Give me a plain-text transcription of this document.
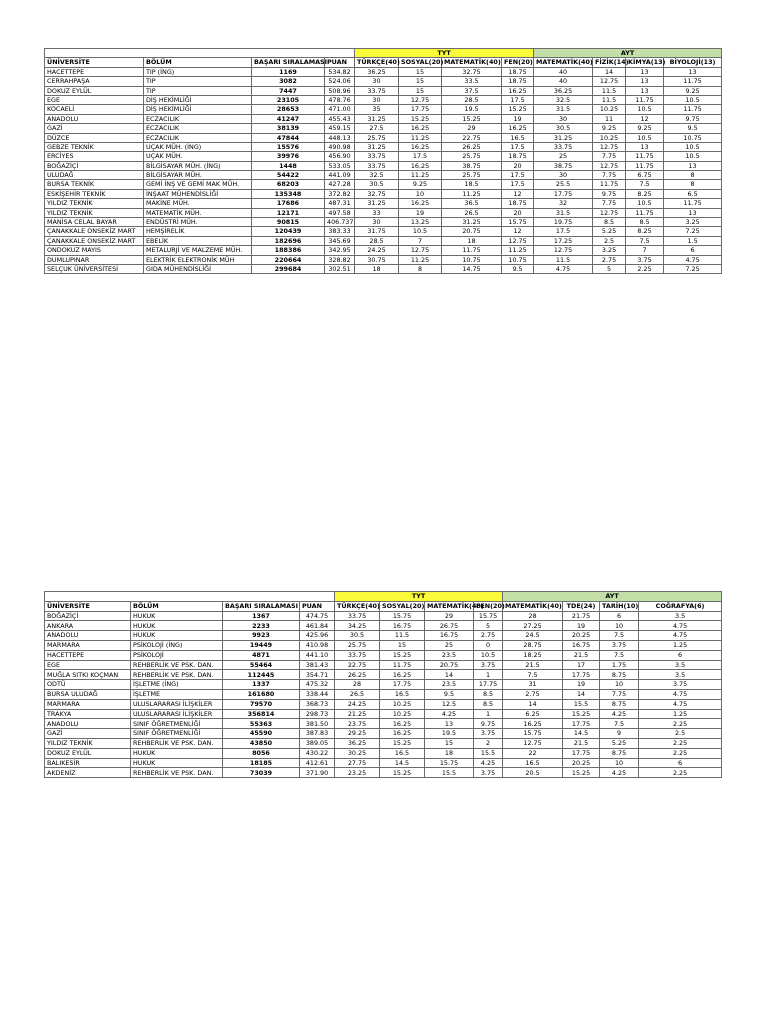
				TYT				AYT			
ÜNİVERSİTE	BÖLÜM	BAŞARI SIRALAMASI	PUAN	TÜRKÇE(40)	SOSYAL(20)	MATEMATİK(40)	FEN(20)	MATEMATİK(40)	FİZİK(14)	KİMYA(13)	BİYOLOJİ(13)
HACETTEPE	TIP (İNG)	1169	534.82	36.25	15	32.75	18.75	40	14	13	13
CERRAHPAŞA	TIP	3082	524.06	30	15	33.5	18.75	40	12.75	13	11.75
DOKUZ EYLÜL	TIP	7447	508.96	33.75	15	37.5	16.25	36.25	11.5	13	9.25
EGE	DİŞ HEKİMLİĞİ	23105	478.76	30	12.75	28.5	17.5	32.5	11.5	11.75	10.5
KOCAELİ	DİŞ HEKİMLİĞİ	28653	471.00	35	17.75	19.5	15.25	31.5	10.25	10.5	11.75
ANADOLU	ECZACILIK	41247	455.43	31.25	15.25	15.25	19	30	11	12	9.75
GAZİ	ECZACILIK	38139	459.15	27.5	16.25	29	16.25	30.5	9.25	9.25	9.5
DÜZCE	ECZACILIK	47844	448.13	25.75	11.25	22.75	16.5	31.25	10.25	10.5	10.75
GEBZE TEKNİK	UÇAK MÜH. (İNG)	15576	490.98	31.25	16.25	26.25	17.5	33.75	12.75	13	10.5
ERCİYES	UÇAK MÜH.	39976	456.90	33.75	17.5	25.75	18.75	25	7.75	11.75	10.5
BOĞAZİÇİ	BİLGİSAYAR MÜH. (İNG)	1448	533.05	33.75	16.25	38.75	20	38.75	12.75	11.75	13
ULUDAĞ	BİLGİSAYAR MÜH.	54422	441.09	32.5	11.25	25.75	17.5	30	7.75	6.75	8
BURSA TEKNİK	GEMİ İNŞ VE GEMİ MAK MÜH.	68203	427.28	30.5	9.25	18.5	17.5	25.5	11.75	7.5	8
ESKİŞEHİR TEKNİK	İNŞAAT MÜHENDİSLİĞİ	135348	372.82	32.75	10	11.25	12	17.75	9.75	8.25	6.5
YILDIZ TEKNİK	MAKİNE MÜH.	17686	487.31	31.25	16.25	36.5	18.75	32	7.75	10.5	11.75
YILDIZ TEKNİK	MATEMATİK MÜH.	12171	497.58	33	19	26.5	20	31.5	12.75	11.75	13
MANİSA CELAL BAYAR	ENDÜSTRİ MÜH.	90815	406.737	30	13.25	31.25	15.75	19.75	8.5	8.5	3.25
ÇANAKKALE ONSEKİZ MART	HEMŞİRELİK	120439	383.33	31.75	10.5	20.75	12	17.5	5.25	8.25	7.25
ÇANAKKALE ONSEKİZ MART	EBELİK	182696	345.69	28.5	7	18	12.75	17.25	2.5	7.5	1.5
ONDOKUZ MAYIS	METALURJİ VE MALZEME MÜH.	188386	342.95	24.25	12.75	11.75	11.25	12.75	3.25	7	6
DUMLUPINAR	ELEKTRİK ELEKTRONİK MÜH	220664	328.82	30.75	11.25	10.75	10.75	11.5	2.75	3.75	4.75
SELÇUK ÜNİVERSİTESİ	GIDA MÜHENDİSLİĞİ	299684	302.51	18	8	14.75	9.5	4.75	5	2.25	7.25
				TYT				AYT			
ÜNİVERSİTE	BÖLÜM	BAŞARI SIRALAMASI	PUAN	TÜRKÇE(40)	SOSYAL(20)	MATEMATİK(40)	FEN(20)	MATEMATİK(40)	TDE(24)	TARİH(10)	COĞRAFYA(6)
BOĞAZİÇİ	HUKUK	1367	474.75	33.75	15.75	29	15.75	28	21.75	6	3.5
ANKARA	HUKUK	2233	461.84	34.25	16.75	26.75	5	27.25	19	10	4.75
ANADOLU	HUKUK	9923	425.96	30.5	11.5	16.75	2.75	24.5	20.25	7.5	4.75
MARMARA	PSİKOLOJİ (İNG)	19449	410.98	25.75	15	25	0	28.75	16.75	3.75	1.25
HACETTEPE	PSİKOLOJİ	4871	441.10	33.75	15.25	23.5	10.5	18.25	21.5	7.5	6
EGE	REHBERLİK VE PSK. DAN.	55464	381.43	22.75	11.75	20.75	3.75	21.5	17	1.75	3.5
MUĞLA SITKI KOÇMAN	REHBERLİK VE PSK. DAN.	112445	354.71	26.25	16.25	14	1	7.5	17.75	8.75	3.5
ODTÜ	İŞLETME (İNG)	1337	475.32	28	17.75	23.5	17.75	31	19	10	3.75
BURSA ULUDAĞ	İŞLETME	161680	338.44	26.5	16.5	9.5	8.5	2.75	14	7.75	4.75
MARMARA	ULUSLARARASI İLİŞKİLER	79570	368.73	24.25	10.25	12.5	8.5	14	15.5	8.75	4.75
TRAKYA	ULUSLARARASI İLİŞKİLER	356814	298.73	21.25	10.25	4.25	1	6.25	15.25	4.25	1.25
ANADOLU	SINIF ÖĞRETMENLİĞİ	55363	381.50	23.75	16.25	13	9.75	16.25	17.75	7.5	2.25
GAZİ	SINIF ÖĞRETMENLİĞİ	45590	387.83	29.25	16.25	19.5	3.75	15.75	14.5	9	2.5
YILDIZ TEKNİK	REHBERLİK VE PSK. DAN.	43850	389.05	36.25	15.25	15	2	12.75	21.5	5.25	2.25
DOKUZ EYLÜL	HUKUK	8056	430.22	30.25	16.5	18	15.5	22	17.75	8.75	2.25
BALIKESİR	HUKUK	18185	412.61	27.75	14.5	15.75	4.25	16.5	20.25	10	6
AKDENİZ	REHBERLİK VE PSK. DAN.	73039	371.90	23.25	15.25	15.5	3.75	20.5	15.25	4.25	2.25
